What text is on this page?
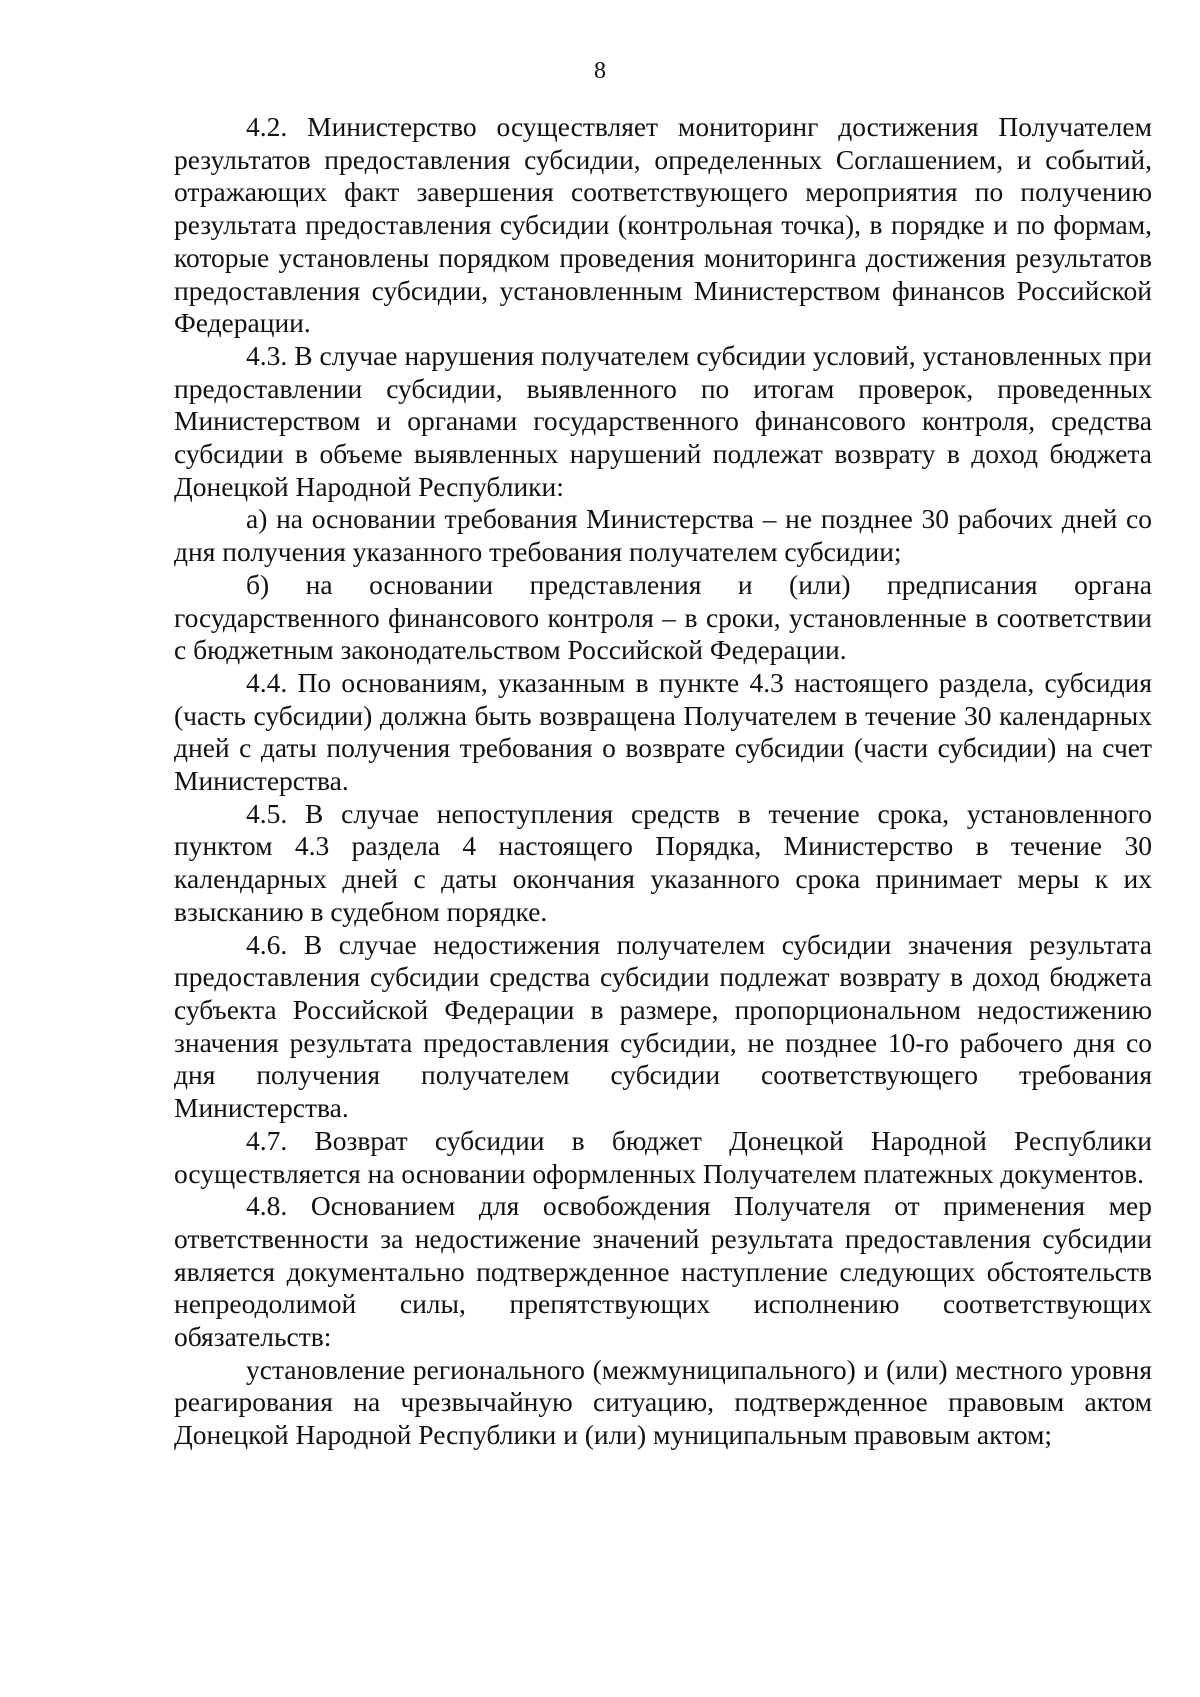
8

4.2. Министерство осуществляет мониторинг достижения Получателем результатов предоставления субсидии, определенных Соглашением, и событий, отражающих факт завершения соответствующего мероприятия по получению результата предоставления субсидии (контрольная точка), в порядке и по формам, которые установлены порядком проведения мониторинга достижения результатов предоставления субсидии, установленным Министерством финансов Российской Федерации.

4.3. В случае нарушения получателем субсидии условий, установленных при предоставлении субсидии, выявленного по итогам проверок, проведенных Министерством и органами государственного финансового контроля, средства субсидии в объеме выявленных нарушений подлежат возврату в доход бюджета Донецкой Народной Республики:

а) на основании требования Министерства – не позднее 30 рабочих дней со дня получения указанного требования получателем субсидии;

б) на основании представления и (или) предписания органа государственного финансового контроля – в сроки, установленные в соответствии с бюджетным законодательством Российской Федерации.

4.4. По основаниям, указанным в пункте 4.3 настоящего раздела, субсидия (часть субсидии) должна быть возвращена Получателем в течение 30 календарных дней с даты получения требования о возврате субсидии (части субсидии) на счет Министерства.

4.5. В случае непоступления средств в течение срока, установленного пунктом 4.3 раздела 4 настоящего Порядка, Министерство в течение 30 календарных дней с даты окончания указанного срока принимает меры к их взысканию в судебном порядке.

4.6. В случае недостижения получателем субсидии значения результата предоставления субсидии средства субсидии подлежат возврату в доход бюджета субъекта Российской Федерации в размере, пропорциональном недостижению значения результата предоставления субсидии, не позднее 10-го рабочего дня со дня получения получателем субсидии соответствующего требования Министерства.

4.7. Возврат субсидии в бюджет Донецкой Народной Республики осуществляется на основании оформленных Получателем платежных документов.

4.8. Основанием для освобождения Получателя от применения мер ответственности за недостижение значений результата предоставления субсидии является документально подтвержденное наступление следующих обстоятельств непреодолимой силы, препятствующих исполнению соответствующих обязательств:

установление регионального (межмуниципального) и (или) местного уровня реагирования на чрезвычайную ситуацию, подтвержденное правовым актом Донецкой Народной Республики и (или) муниципальным правовым актом;
